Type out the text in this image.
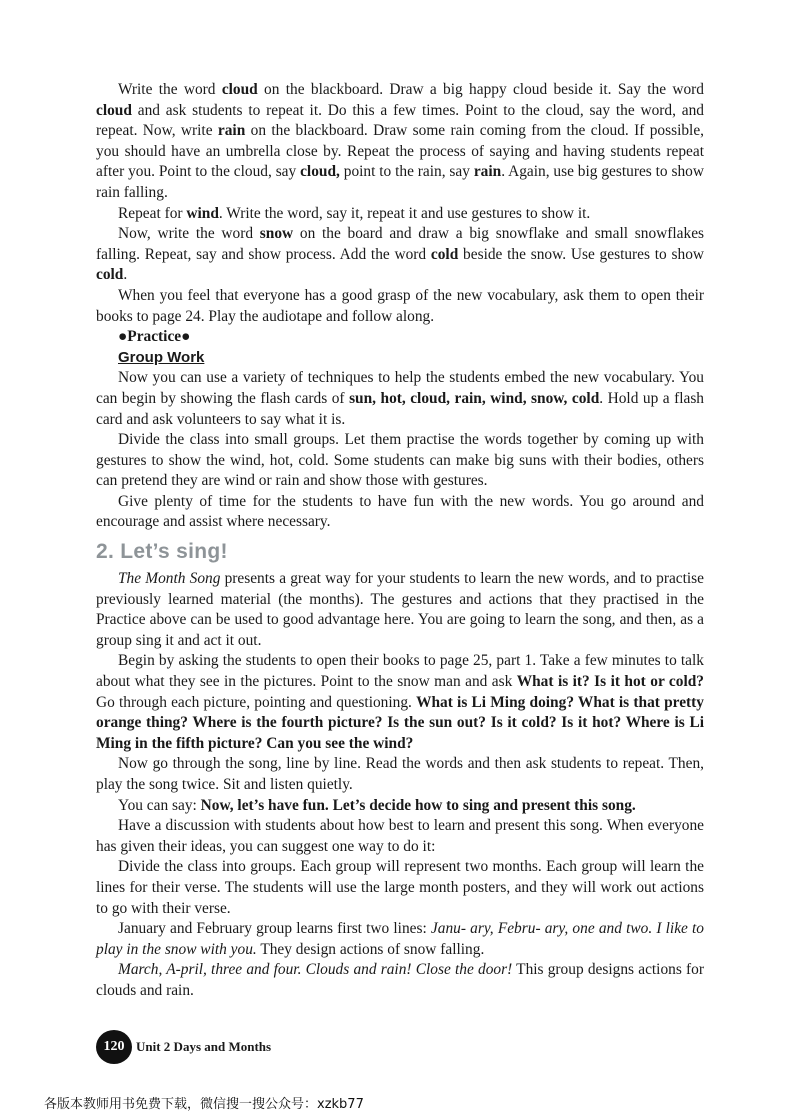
Write the word cloud on the blackboard. Draw a big happy cloud beside it. Say the word cloud and ask students to repeat it. Do this a few times. Point to the cloud, say the word, and repeat. Now, write rain on the blackboard. Draw some rain coming from the cloud. If possible, you should have an umbrella close by. Repeat the process of saying and having students repeat after you. Point to the cloud, say cloud, point to the rain, say rain. Again, use big gestures to show rain falling.

Repeat for wind. Write the word, say it, repeat it and use gestures to show it.

Now, write the word snow on the board and draw a big snowflake and small snowflakes falling. Repeat, say and show process. Add the word cold beside the snow. Use gestures to show cold.

When you feel that everyone has a good grasp of the new vocabulary, ask them to open their books to page 24. Play the audiotape and follow along.

●Practice●
Group Work

Now you can use a variety of techniques to help the students embed the new vocabulary. You can begin by showing the flash cards of sun, hot, cloud, rain, wind, snow, cold. Hold up a flash card and ask volunteers to say what it is.

Divide the class into small groups. Let them practise the words together by coming up with gestures to show the wind, hot, cold. Some students can make big suns with their bodies, others can pretend they are wind or rain and show those with gestures.

Give plenty of time for the students to have fun with the new words. You go around and encourage and assist where necessary.

2. Let’s sing!

The Month Song presents a great way for your students to learn the new words, and to practise previously learned material (the months). The gestures and actions that they practised in the Practice above can be used to good advantage here. You are going to learn the song, and then, as a group sing it and act it out.

Begin by asking the students to open their books to page 25, part 1. Take a few minutes to talk about what they see in the pictures. Point to the snow man and ask What is it? Is it hot or cold? Go through each picture, pointing and questioning. What is Li Ming doing? What is that pretty orange thing? Where is the fourth picture? Is the sun out? Is it cold? Is it hot? Where is Li Ming in the fifth picture? Can you see the wind?

Now go through the song, line by line. Read the words and then ask students to repeat. Then, play the song twice. Sit and listen quietly.

You can say: Now, let’s have fun. Let’s decide how to sing and present this song.

Have a discussion with students about how best to learn and present this song. When everyone has given their ideas, you can suggest one way to do it:

Divide the class into groups. Each group will represent two months. Each group will learn the lines for their verse. The students will use the large month posters, and they will work out actions to go with their verse.

January and February group learns first two lines: Janu- ary, Febru- ary, one and two. I like to play in the snow with you. They design actions of snow falling.

March, A-pril, three and four. Clouds and rain! Close the door! This group designs actions for clouds and rain.

120 Unit 2 Days and Months
各版本教师用书免费下载，微信搜一搜公众号：xzkb77
